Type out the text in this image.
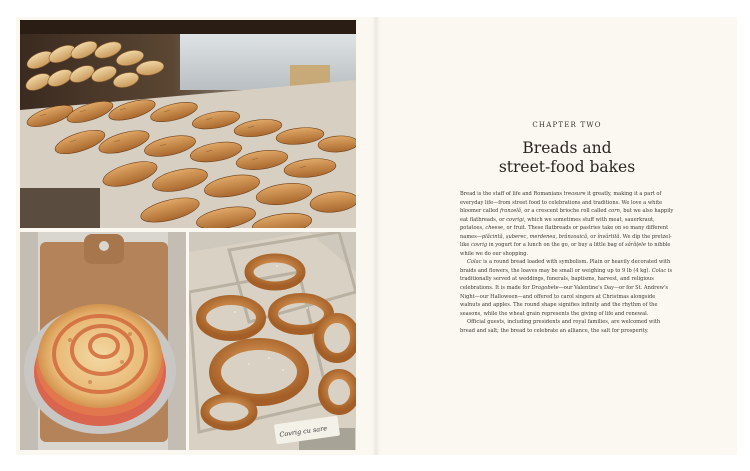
Covrig cu sare
CHAPTER TWO
Breads and
street-food bakes

Bread is the staff of life and Romanians treasure it greatly, making it a part of everyday life—from street food to celebrations and traditions. We love a white bloomer called franzelă, or a crescent brioche roll called corn, but we also happily eat flatbreads, or covrigi, which we sometimes stuff with meat, sauerkraut, potatoes, cheese, or fruit. These flatbreads or pastries take on so many different names—plăcintă, șuberec, merdenea, brânzoaică, or învârtită. We dip the pretzel-like covrig in yogurt for a lunch on the go, or buy a little bag of sărățele to nibble while we do our shopping.

Colac is a round bread loaded with symbolism. Plain or heavily decorated with braids and flowers, the loaves may be small or weighing up to 9 lb (4 kg). Colac is traditionally served at weddings, funerals, baptisms, harvest, and religious celebrations. It is made for Dragobete—our Valentine's Day—or for St. Andrew's Night—our Halloween—and offered to carol singers at Christmas alongside walnuts and apples. The round shape signifies infinity and the rhythm of the seasons, while the wheat grain represents the giving of life and renewal.

Official guests, including presidents and royal families, are welcomed with bread and salt; the bread to celebrate an alliance, the salt for prosperity.
